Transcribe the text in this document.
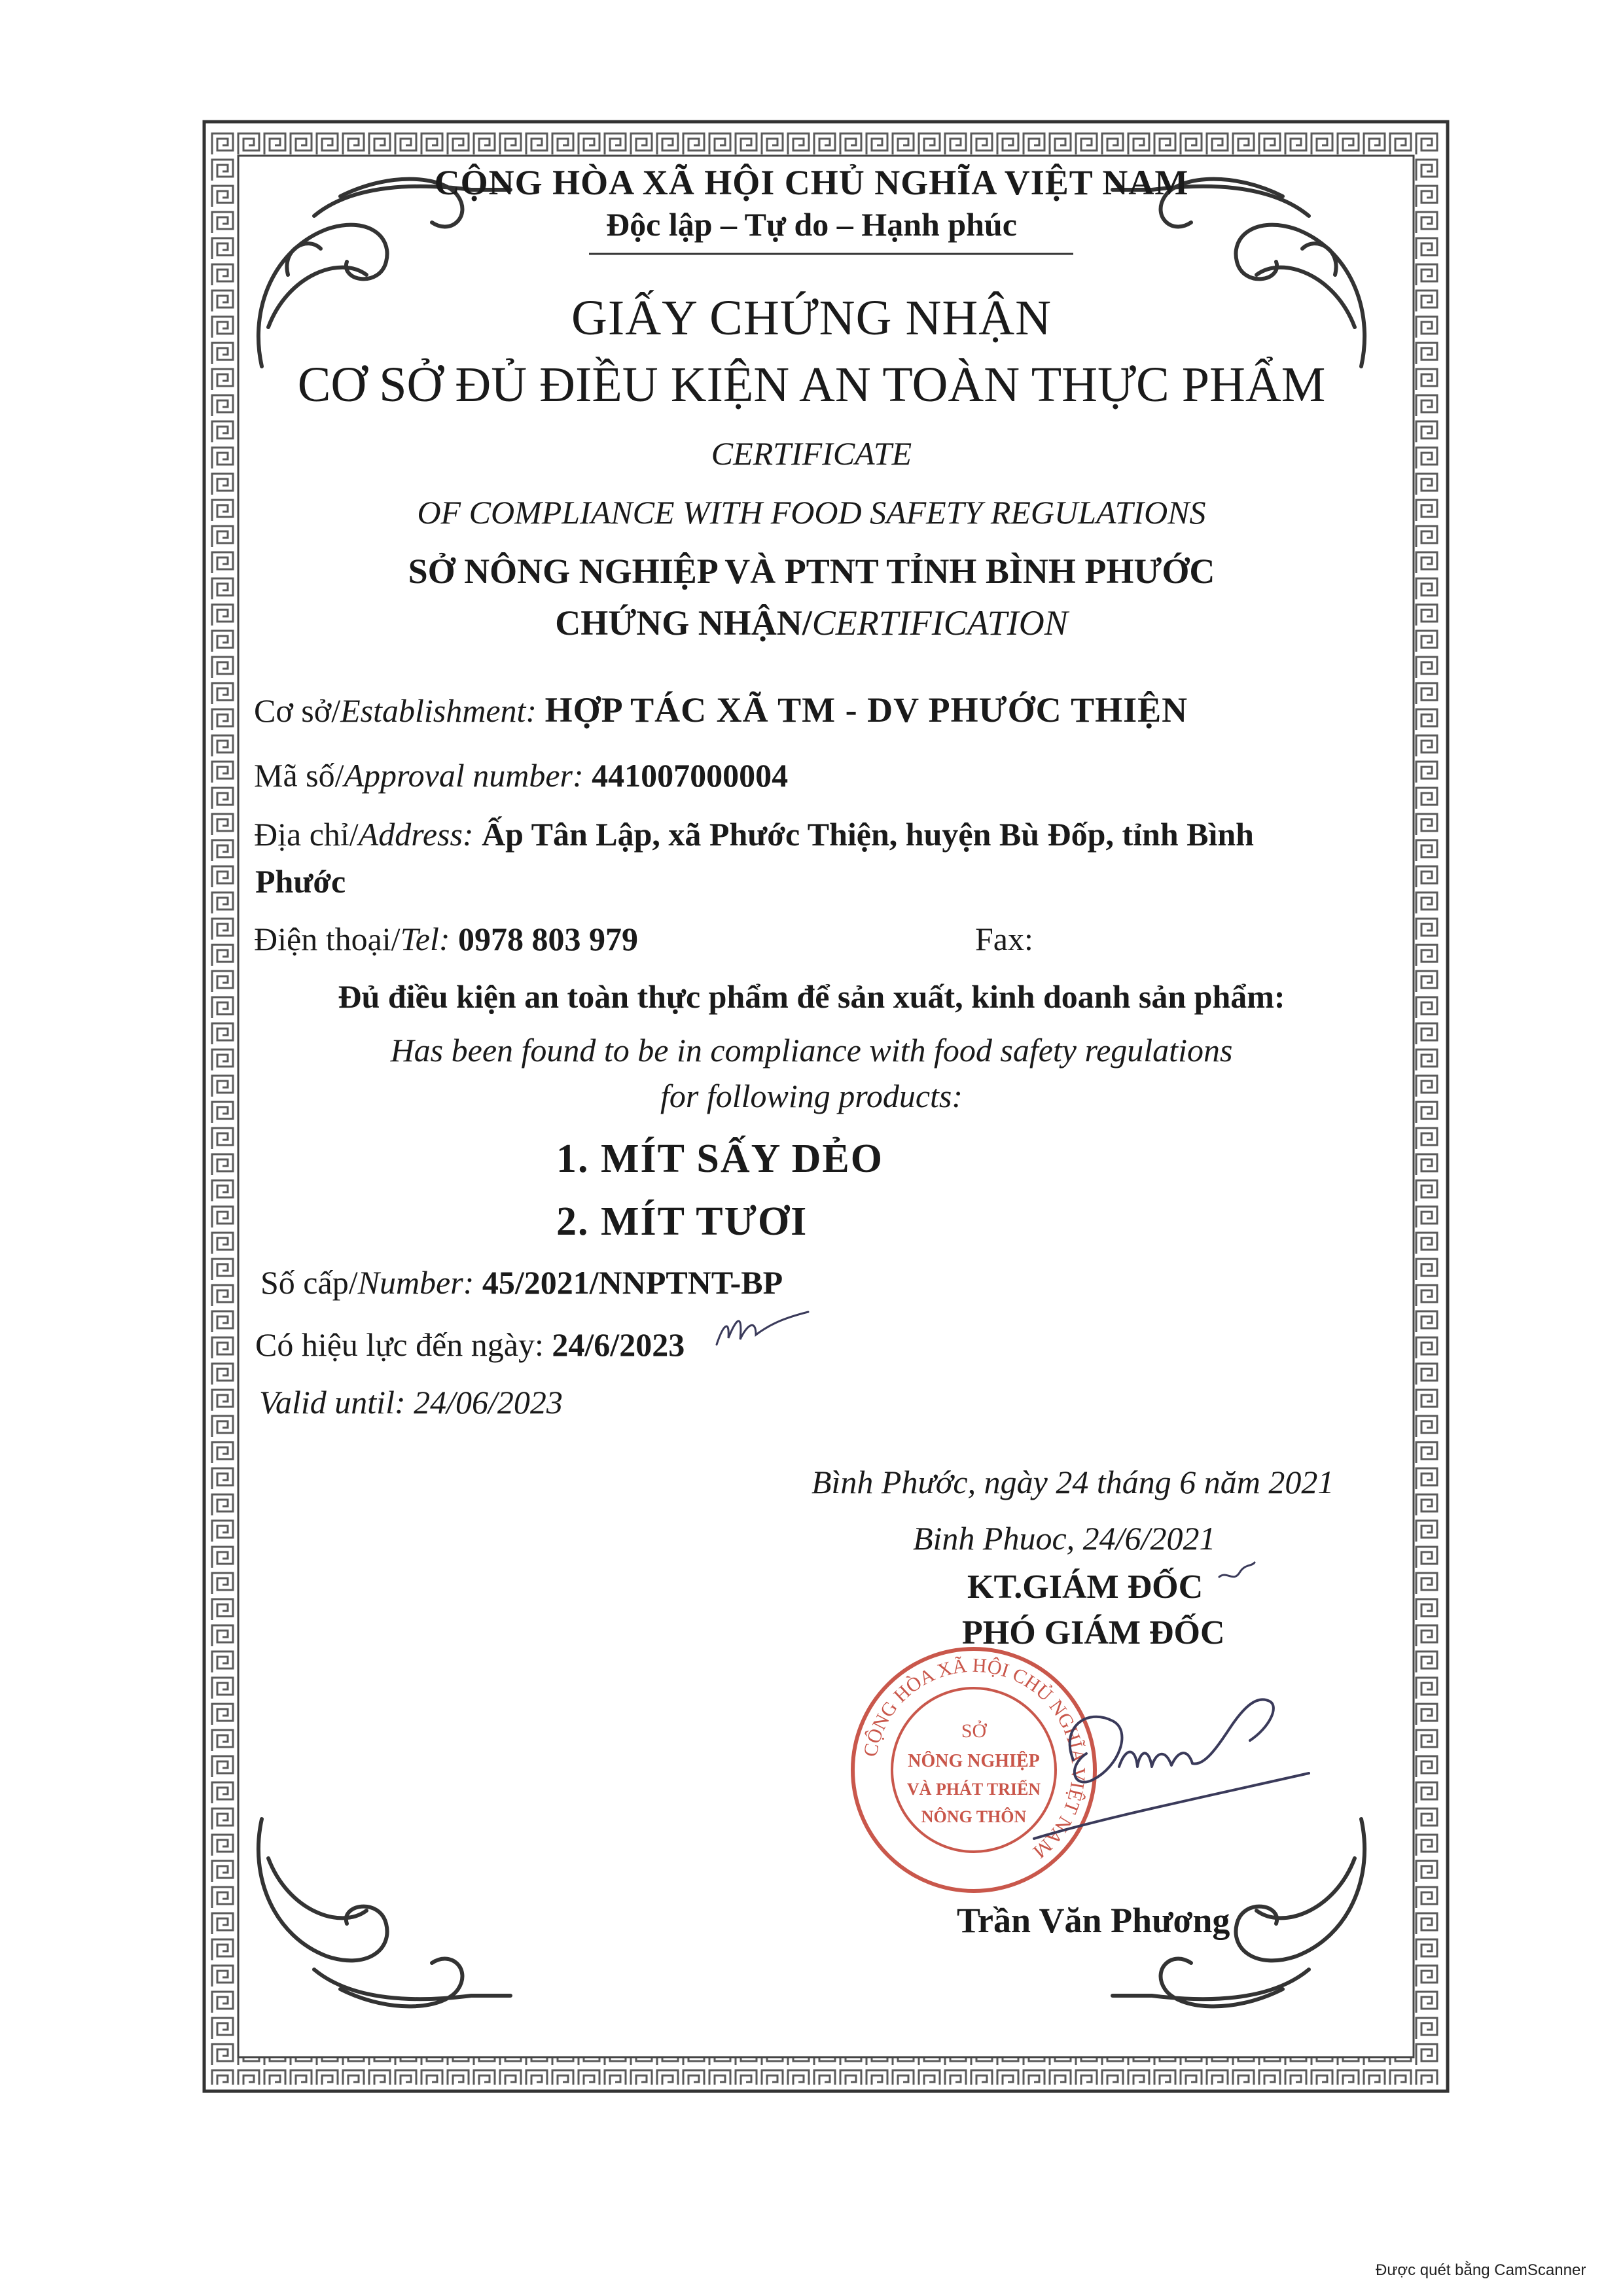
CỘNG HÒA XÃ HỘI CHỦ NGHĨA VIỆT NAM

Độc lập – Tự do – Hạnh phúc

GIẤY CHỨNG NHẬN

CƠ SỞ ĐỦ ĐIỀU KIỆN AN TOÀN THỰC PHẨM

CERTIFICATE

OF COMPLIANCE WITH FOOD SAFETY REGULATIONS

SỞ NÔNG NGHIỆP VÀ PTNT TỈNH BÌNH PHƯỚC

CHỨNG NHẬN/CERTIFICATION

Cơ sở/Establishment: HỢP TÁC XÃ TM - DV PHƯỚC THIỆN

Mã số/Approval number: 441007000004

Địa chỉ/Address: Ấp Tân Lập, xã Phước Thiện, huyện Bù Đốp, tỉnh Bình

Phước

Điện thoại/Tel: 0978 803 979	Fax:

Đủ điều kiện an toàn thực phẩm để sản xuất, kinh doanh sản phẩm:

Has been found to be in compliance with food safety regulations

for following products:

1. MÍT SẤY DẺO

2. MÍT TƯƠI

Số cấp/Number: 45/2021/NNPTNT-BP

Có hiệu lực đến ngày: 24/6/2023

Valid until: 24/06/2023

Bình Phước, ngày 24 tháng 6 năm 2021

Binh Phuoc, 24/6/2021

KT.GIÁM ĐỐC

PHÓ GIÁM ĐỐC

CỘNG HÒA XÃ HỘI CHỦ NGHĨA VIỆT NAM
SỞ
NÔNG NGHIỆP
VÀ PHÁT TRIỂN
NÔNG THÔN

Trần Văn Phương

Được quét bằng CamScanner
